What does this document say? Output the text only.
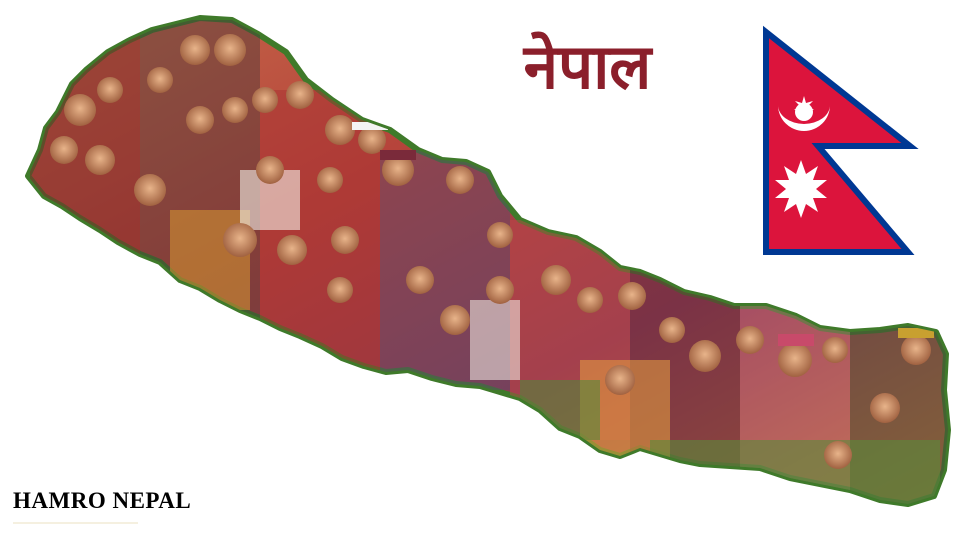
नेपाल
HAMRO NEPAL
